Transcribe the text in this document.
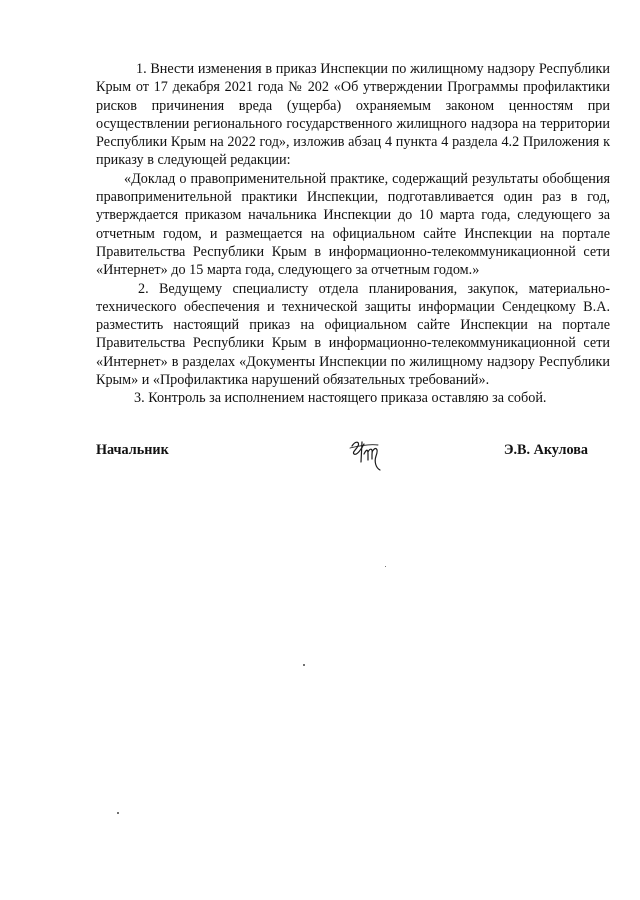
1. Внести изменения в приказ Инспекции по жилищному надзору Республики Крым от 17 декабря 2021 года № 202 «Об утверждении Программы профилактики рисков причинения вреда (ущерба) охраняемым законом ценностям при осуществлении регионального государственного жилищного надзора на территории Республики Крым на 2022 год», изложив абзац 4 пункта 4 раздела 4.2 Приложения к приказу в следующей редакции:

«Доклад о правоприменительной практике, содержащий результаты обобщения правоприменительной практики Инспекции, подготавливается один раз в год, утверждается приказом начальника Инспекции до 10 марта года, следующего за отчетным годом, и размещается на официальном сайте Инспекции на портале Правительства Республики Крым в информационно-телекоммуникационной сети «Интернет» до 15 марта года, следующего за отчетным годом.»

2. Ведущему специалисту отдела планирования, закупок, материально-технического обеспечения и технической защиты информации Сендецкому В.А. разместить настоящий приказ на официальном сайте Инспекции на портале Правительства Республики Крым в информационно-телекоммуникационной сети «Интернет» в разделах «Документы Инспекции по жилищному надзору Республики Крым» и «Профилактика нарушений обязательных требований».

3. Контроль за исполнением настоящего приказа оставляю за собой.

Начальник	Э.В. Акулова
